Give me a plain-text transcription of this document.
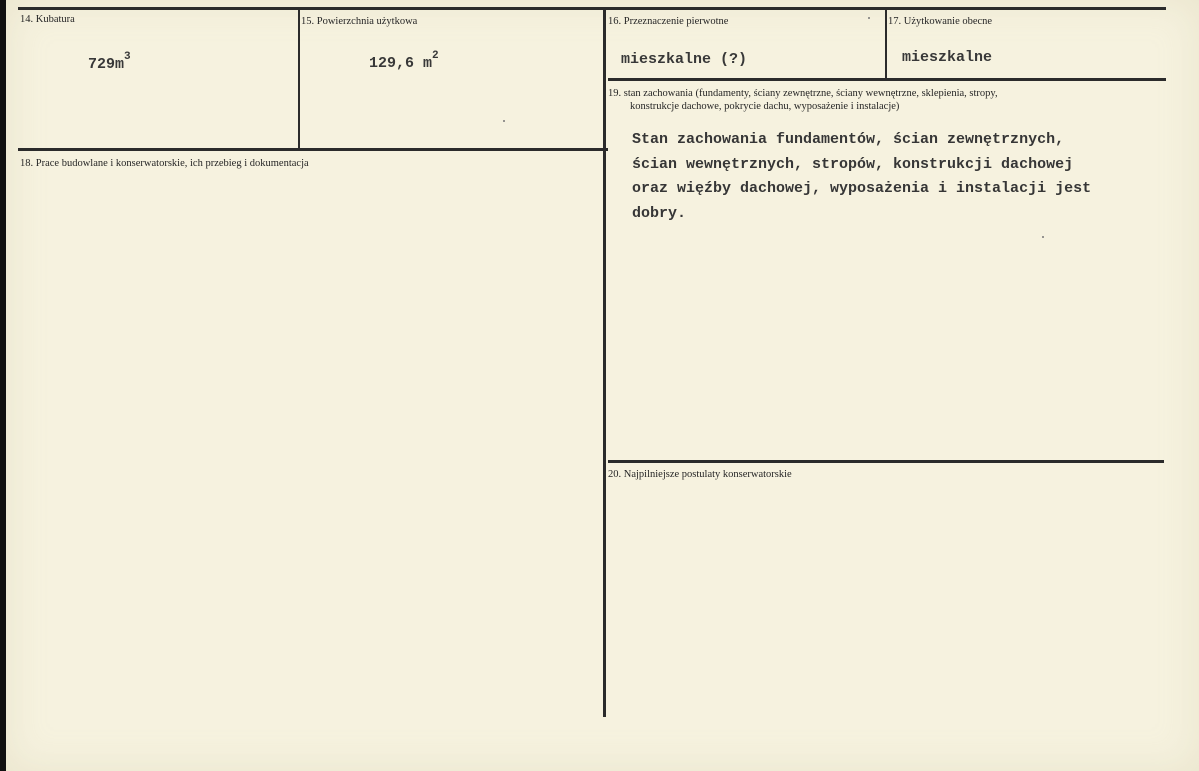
14. Kubatura
$729m^3$
15. Powierzchnia użytkowa
129,6 $m^2$
16. Przeznaczenie pierwotne
mieszkalne (?)
17. Użytkowanie obecne
mieszkalne
18. Prace budowlane i konserwatorskie, ich przebieg i dokumentacja
19. stan zachowania (fundamenty, ściany zewnętrzne, ściany wewnętrzne, sklepienia, stropy,
konstrukcje dachowe, pokrycie dachu, wyposażenie i instalacje)
Stan zachowania fundamentów, ścian zewnętrznych,
ścian wewnętrznych, stropów, konstrukcji dachowej
oraz więźby dachowej, wyposażenia i instalacji jest
dobry.
20. Najpilniejsze postulaty konserwatorskie
